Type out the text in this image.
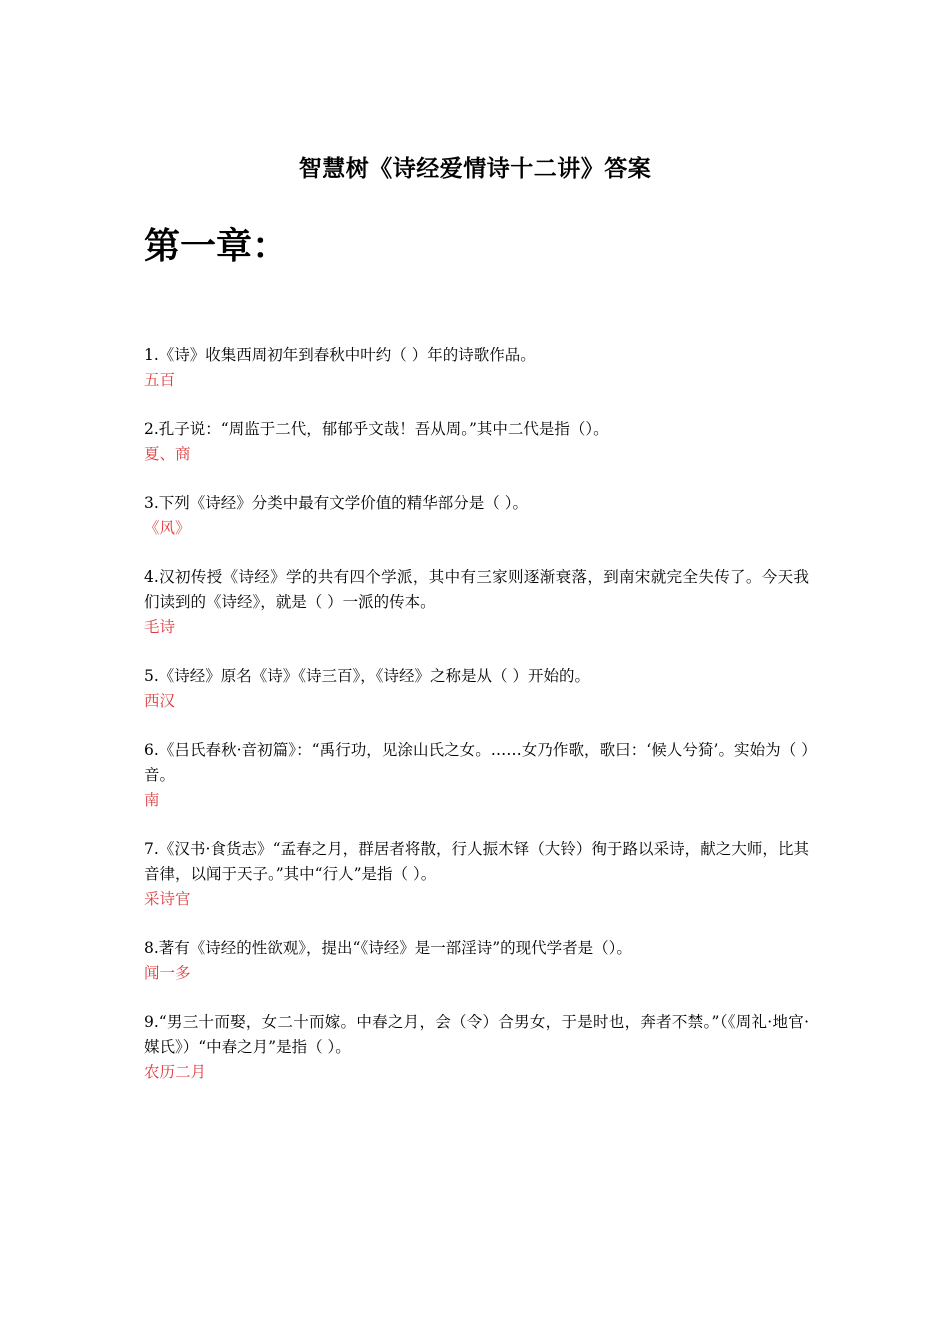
智慧树《诗经爱情诗十二讲》答案
第一章：

1.《诗》收集西周初年到春秋中叶约（ ）年的诗歌作品。

五百

2.孔子说：“周监于二代，郁郁乎文哉！吾从周。”其中二代是指（）。

夏、商

3.下列《诗经》分类中最有文学价值的精华部分是（ ）。

《风》

4.汉初传授《诗经》学的共有四个学派，其中有三家则逐渐衰落，到南宋就完全失传了。今天我们读到的《诗经》，就是（ ）一派的传本。

毛诗

5.《诗经》原名《诗》《诗三百》，《诗经》之称是从（ ）开始的。

西汉

6.《吕氏春秋·音初篇》：“禹行功，见涂山氏之女。……女乃作歌，歌曰：‘候人兮猗’。实始为（ ）音。

南

7.《汉书·食货志》“孟春之月，群居者将散，行人振木铎（大铃）徇于路以采诗，献之大师，比其音律，以闻于天子。”其中“行人”是指（ ）。

采诗官

8.著有《诗经的性欲观》，提出“《诗经》是一部淫诗”的现代学者是（）。

闻一多

9.“男三十而娶，女二十而嫁。中春之月，会（令）合男女，于是时也，奔者不禁。”（《周礼·地官·媒氏》）“中春之月”是指（ ）。

农历二月
